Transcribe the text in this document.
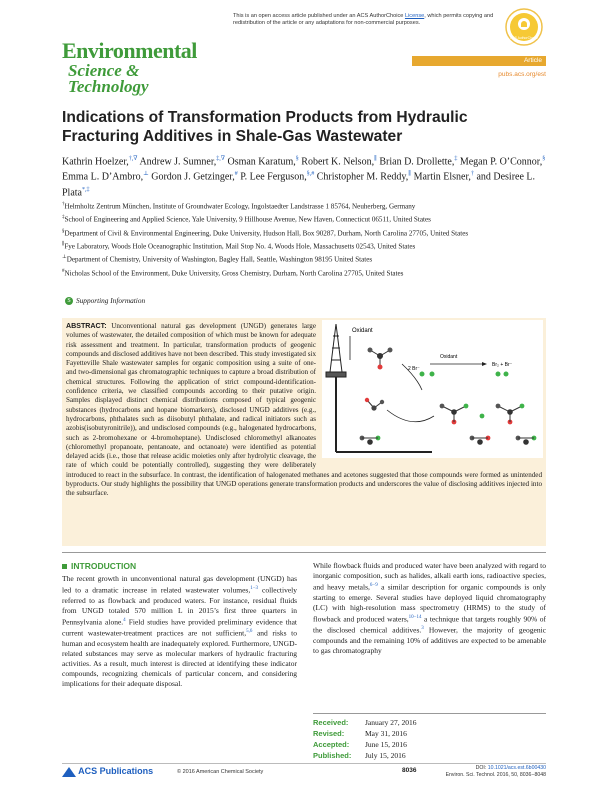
This is an open access article published under an ACS AuthorChoice License, which permits copying and redistribution of the article or any adaptations for non-commercial purposes.
ACS AuthorChoice
Environmental
Science & Technology
Article
pubs.acs.org/est
Indications of Transformation Products from Hydraulic Fracturing Additives in Shale-Gas Wastewater
Kathrin Hoelzer,†,∇ Andrew J. Sumner,‡,∇ Osman Karatum,§ Robert K. Nelson,∥ Brian D. Drollette,‡ Megan P. O’Connor,§ Emma L. D’Ambro,⊥ Gordon J. Getzinger,# P. Lee Ferguson,§,# Christopher M. Reddy,∥ Martin Elsner,† and Desiree L. Plata*,‡
†Helmholtz Zentrum München, Institute of Groundwater Ecology, Ingolstaedter Landstrasse 1 85764, Neuherberg, Germany
‡School of Engineering and Applied Science, Yale University, 9 Hillhouse Avenue, New Haven, Connecticut 06511, United States
§Department of Civil & Environmental Engineering, Duke University, Hudson Hall, Box 90287, Durham, North Carolina 27705, United States
∥Fye Laboratory, Woods Hole Oceanographic Institution, Mail Stop No. 4, Woods Hole, Massachusetts 02543, United States
⊥Department of Chemistry, University of Washington, Bagley Hall, Seattle, Washington 98195 United States
#Nicholas School of the Environment, Duke University, Gross Chemistry, Durham, North Carolina 27705, United States
S Supporting Information
Oxidant
2 Br⁻
Oxidant
Br₂ + Br⁻
ABSTRACT: Unconventional natural gas development (UNGD) generates large volumes of wastewater, the detailed composition of which must be known for adequate risk assessment and treatment. In particular, transformation products of geogenic compounds and disclosed additives have not been described. This study investigated six Fayetteville Shale wastewater samples for organic composition using a suite of one- and two-dimensional gas chromatographic techniques to capture a broad distribution of chemical structures. Following the application of strict compound-identification-confidence criteria, we classified compounds according to their putative origin. Samples displayed distinct chemical distributions composed of typical geogenic substances (hydrocarbons and hopane biomarkers), disclosed UNGD additives (e.g., hydrocarbons, phthalates such as diisobutyl phthalate, and radical initiators such as azobis(isobutyronitrile)), and undisclosed compounds (e.g., halogenated hydrocarbons, such as 2-bromohexane or 4-bromoheptane). Undisclosed chloromethyl alkanoates (chloromethyl propanoate, pentanoate, and octanoate) were identified as potential delayed acids (i.e., those that release acidic moieties only after hydrolytic cleavage, the rate of which could be potentially controlled), suggesting they were deliberately introduced to react in the subsurface. In contrast, the identification of halogenated methanes and acetones suggested that those compounds were formed as unintended byproducts. Our study highlights the possibility that UNGD operations generate transformation products and underscores the value of disclosing additives injected into the subsurface.
INTRODUCTION
The recent growth in unconventional natural gas development (UNGD) has led to a dramatic increase in related wastewater volumes,$^{1-3}$ collectively referred to as flowback and produced waters. For instance, residual fluids from UNGD totaled 570 million L in 2015’s first three quarters in Pennsylvania alone.$^4$ Field studies have provided preliminary evidence that current wastewater-treatment practices are not sufficient,$^{5,6}$ and risks to human and ecosystem health are inadequately explored. Furthermore, UNGD-related substances may serve as molecular markers of hydraulic fracturing activities. As a result, much interest is directed at identifying these indicator compounds, recognizing chemicals of particular concern, and considering implications for their adequate disposal.
While flowback fluids and produced water have been analyzed with regard to inorganic composition, such as halides, alkali earth ions, radioactive species, and heavy metals,$^{6-9}$ a similar description for organic compounds is only starting to emerge. Several studies have deployed liquid chromatography (LC) with high-resolution mass spectrometry (HRMS) to the study of flowback and produced waters,$^{10-14}$ a technique that targets roughly 90% of the disclosed chemical additives.$^3$ However, the majority of geogenic compounds and the remaining 10% of additives are expected to be amenable to gas chromatography
Received: January 27, 2016
Revised:	May 31, 2016
Accepted: June 15, 2016
Published: July 15, 2016
ACS Publications	© 2016 American Chemical Society	8036	DOI: 10.1021/acs.est.6b00430
Environ. Sci. Technol. 2016, 50, 8036−8048
